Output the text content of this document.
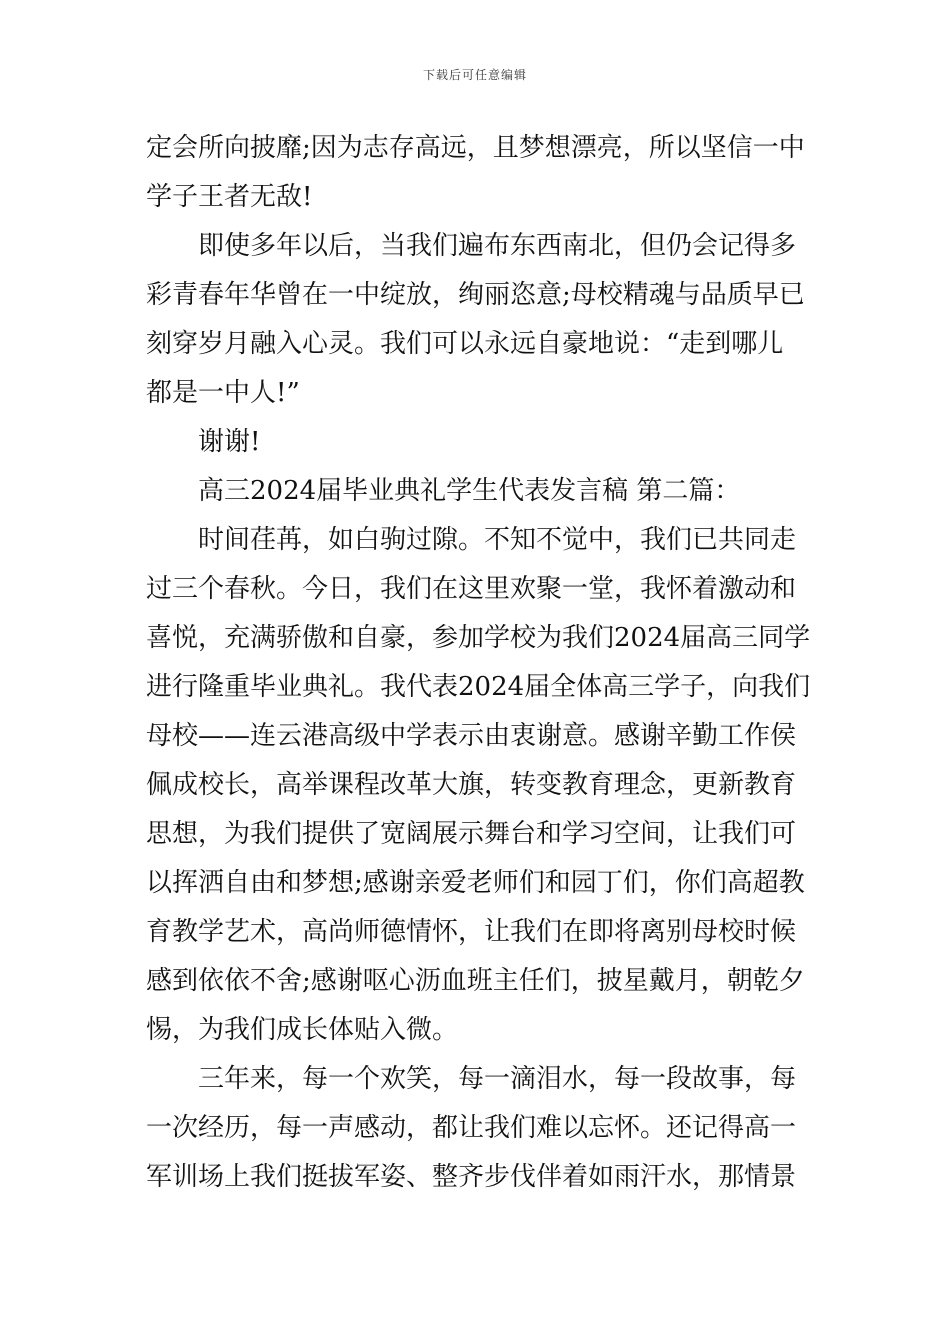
下载后可任意编辑

定会所向披靡;因为志存高远，且梦想漂亮，所以坚信一中
学子王者无敌!

即使多年以后，当我们遍布东西南北，但仍会记得多
彩青春年华曾在一中绽放，绚丽恣意;母校精魂与品质早已
刻穿岁月融入心灵。我们可以永远自豪地说：“走到哪儿
都是一中人!”

谢谢!

高三2024届毕业典礼学生代表发言稿 第二篇：

时间荏苒，如白驹过隙。不知不觉中，我们已共同走
过三个春秋。今日，我们在这里欢聚一堂，我怀着激动和
喜悦，充满骄傲和自豪，参加学校为我们2024届高三同学
进行隆重毕业典礼。我代表2024届全体高三学子，向我们
母校——连云港高级中学表示由衷谢意。感谢辛勤工作侯
佩成校长，高举课程改革大旗，转变教育理念，更新教育
思想，为我们提供了宽阔展示舞台和学习空间，让我们可
以挥洒自由和梦想;感谢亲爱老师们和园丁们，你们高超教
育教学艺术，高尚师德情怀，让我们在即将离别母校时候
感到依依不舍;感谢呕心沥血班主任们，披星戴月，朝乾夕
惕，为我们成长体贴入微。

三年来，每一个欢笑，每一滴泪水，每一段故事，每
一次经历，每一声感动，都让我们难以忘怀。还记得高一
军训场上我们挺拔军姿、整齐步伐伴着如雨汗水，那情景
